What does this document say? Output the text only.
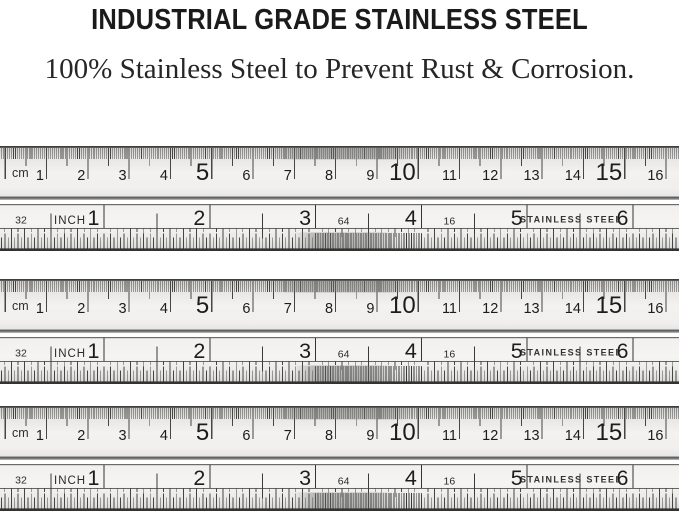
INDUSTRIAL GRADE STAINLESS STEEL

100% Stainless Steel to Prevent Rust & Corrosion.

1 2 3 4 5 6 7 8 9 10 11 12 13 14 15 16
cm
1	2	3	4	5	6
32 INCH	64	16	STAINLESS STEEL
1 2 3 4 5 6 7 8 9 10 11 12 13 14 15 16
cm
1	2	3	4	5	6
32 INCH	64	16	STAINLESS STEEL
1 2 3 4 5 6 7 8 9 10 11 12 13 14 15 16
cm
1	2	3	4	5	6
32 INCH	64	16	STAINLESS STEEL
